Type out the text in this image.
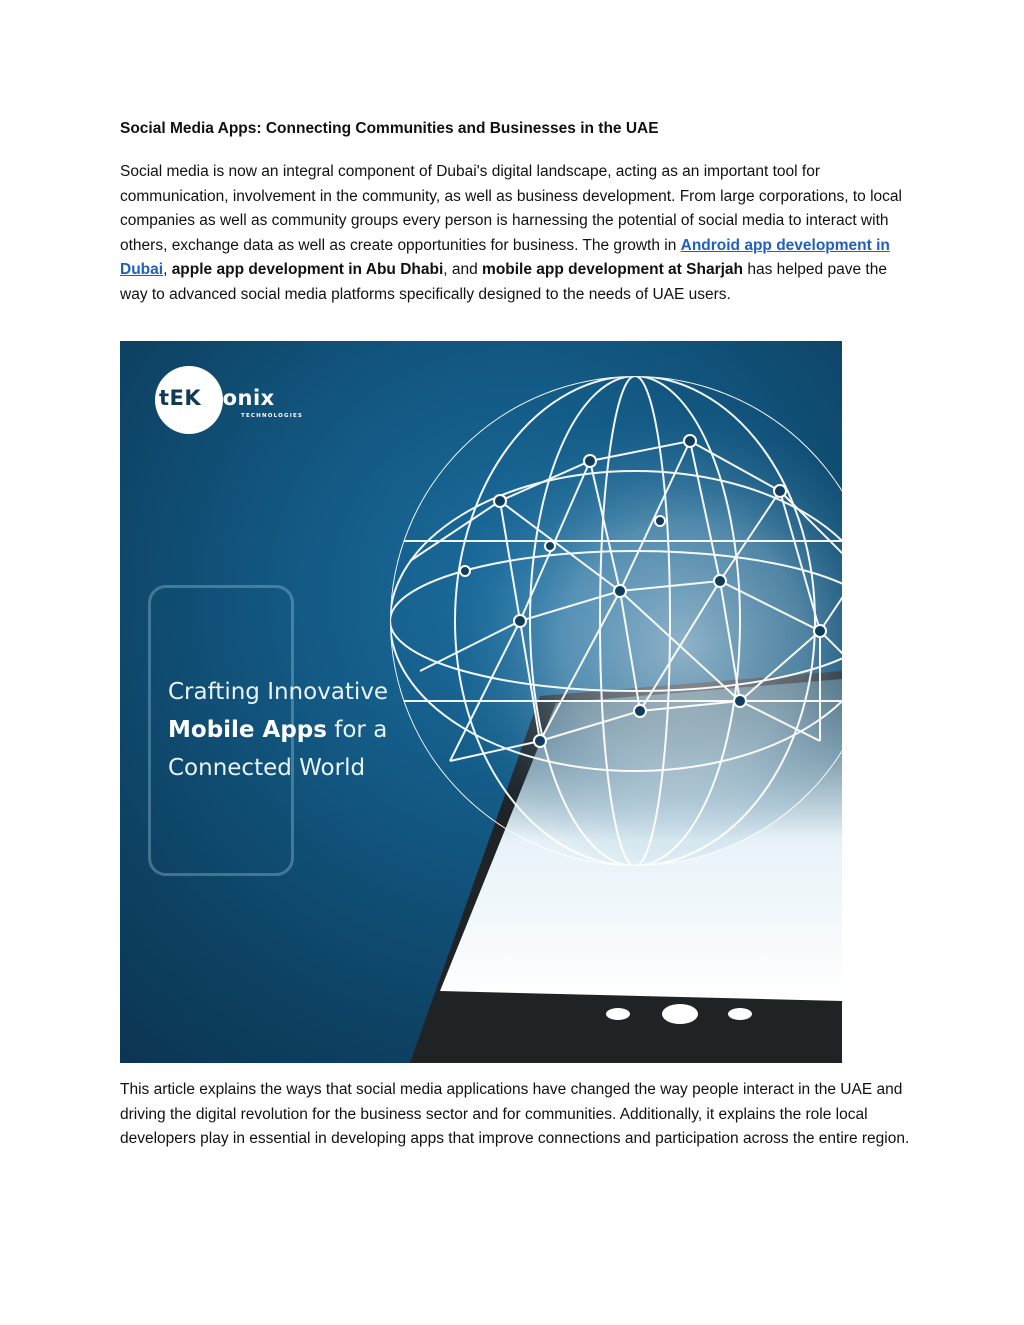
Social Media Apps: Connecting Communities and Businesses in the UAE

Social media is now an integral component of Dubai's digital landscape, acting as an important tool for communication, involvement in the community, as well as business development. From large corporations, to local companies as well as community groups every person is harnessing the potential of social media to interact with others, exchange data as well as create opportunities for business. The growth in Android app development in Dubai, apple app development in Abu Dhabi, and mobile app development at Sharjah has helped pave the way to advanced social media platforms specifically designed to the needs of UAE users.

tEKtronix
TECHNOLOGIES
Crafting Innovative
Mobile Apps for a
Connected World

This article explains the ways that social media applications have changed the way people interact in the UAE and driving the digital revolution for the business sector and for communities. Additionally, it explains the role local developers play in essential in developing apps that improve connections and participation across the entire region.
